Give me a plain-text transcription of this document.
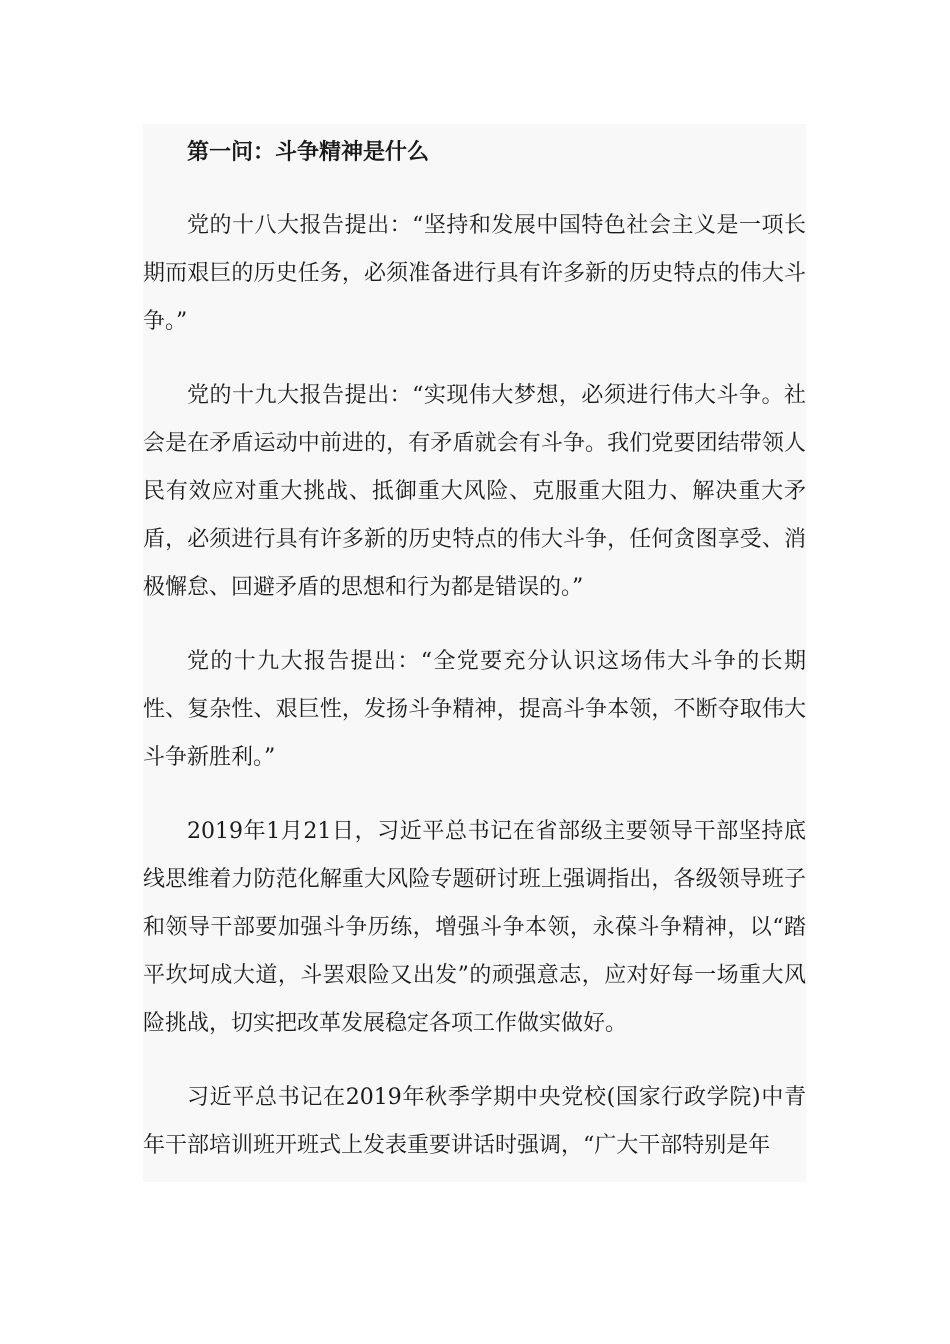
第一问：斗争精神是什么

党的十八大报告提出：“坚持和发展中国特色社会主义是一项长期而艰巨的历史任务，必须准备进行具有许多新的历史特点的伟大斗争。”

党的十九大报告提出：“实现伟大梦想，必须进行伟大斗争。社会是在矛盾运动中前进的，有矛盾就会有斗争。我们党要团结带领人民有效应对重大挑战、抵御重大风险、克服重大阻力、解决重大矛盾，必须进行具有许多新的历史特点的伟大斗争，任何贪图享受、消极懈怠、回避矛盾的思想和行为都是错误的。”

党的十九大报告提出：“全党要充分认识这场伟大斗争的长期性、复杂性、艰巨性，发扬斗争精神，提高斗争本领，不断夺取伟大斗争新胜利。”

2019年1月21日，习近平总书记在省部级主要领导干部坚持底线思维着力防范化解重大风险专题研讨班上强调指出，各级领导班子和领导干部要加强斗争历练，增强斗争本领，永葆斗争精神，以“踏平坎坷成大道，斗罢艰险又出发”的顽强意志，应对好每一场重大风险挑战，切实把改革发展稳定各项工作做实做好。

习近平总书记在2019年秋季学期中央党校(国家行政学院)中青年干部培训班开班式上发表重要讲话时强调，“广大干部特别是年
